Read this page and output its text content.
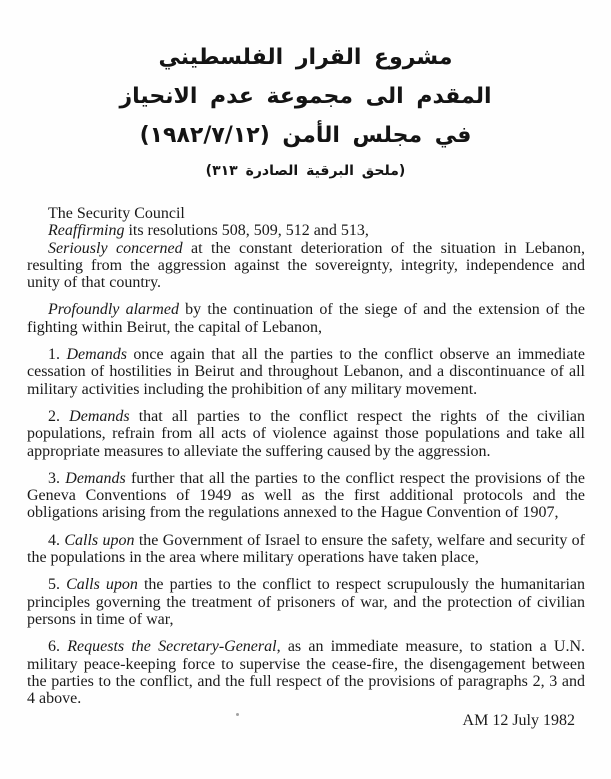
مشروع القرار الفلسطيني
المقدم الى مجموعة عدم الانحياز
في مجلس الأمن (١٩٨٢/٧/١٢)
(ملحق البرقية الصادرة ٣١٣)

The Security Council

Reaffirming its resolutions 508, 509, 512 and 513,

Seriously concerned at the constant deterioration of the situation in Lebanon, resulting from the aggression against the sovereignty, integrity, independence and unity of that country.

Profoundly alarmed by the continuation of the siege of and the extension of the fighting within Beirut, the capital of Lebanon,

1. Demands once again that all the parties to the conflict observe an immediate cessation of hostilities in Beirut and throughout Lebanon, and a discontinuance of all military activities including the prohibition of any military movement.

2. Demands that all parties to the conflict respect the rights of the civilian populations, refrain from all acts of violence against those populations and take all appropriate measures to alleviate the suffering caused by the aggression.

3. Demands further that all the parties to the conflict respect the provisions of the Geneva Conventions of 1949 as well as the first additional protocols and the obligations arising from the regulations annexed to the Hague Convention of 1907,

4. Calls upon the Government of Israel to ensure the safety, welfare and security of the populations in the area where military operations have taken place,

5. Calls upon the parties to the conflict to respect scrupulously the humanitarian principles governing the treatment of prisoners of war, and the protection of civilian persons in time of war,

6. Requests the Secretary-General, as an immediate measure, to station a U.N. military peace-keeping force to supervise the cease-fire, the disengagement between the parties to the conflict, and the full respect of the provisions of paragraphs 2, 3 and 4 above.

AM 12 July 1982
